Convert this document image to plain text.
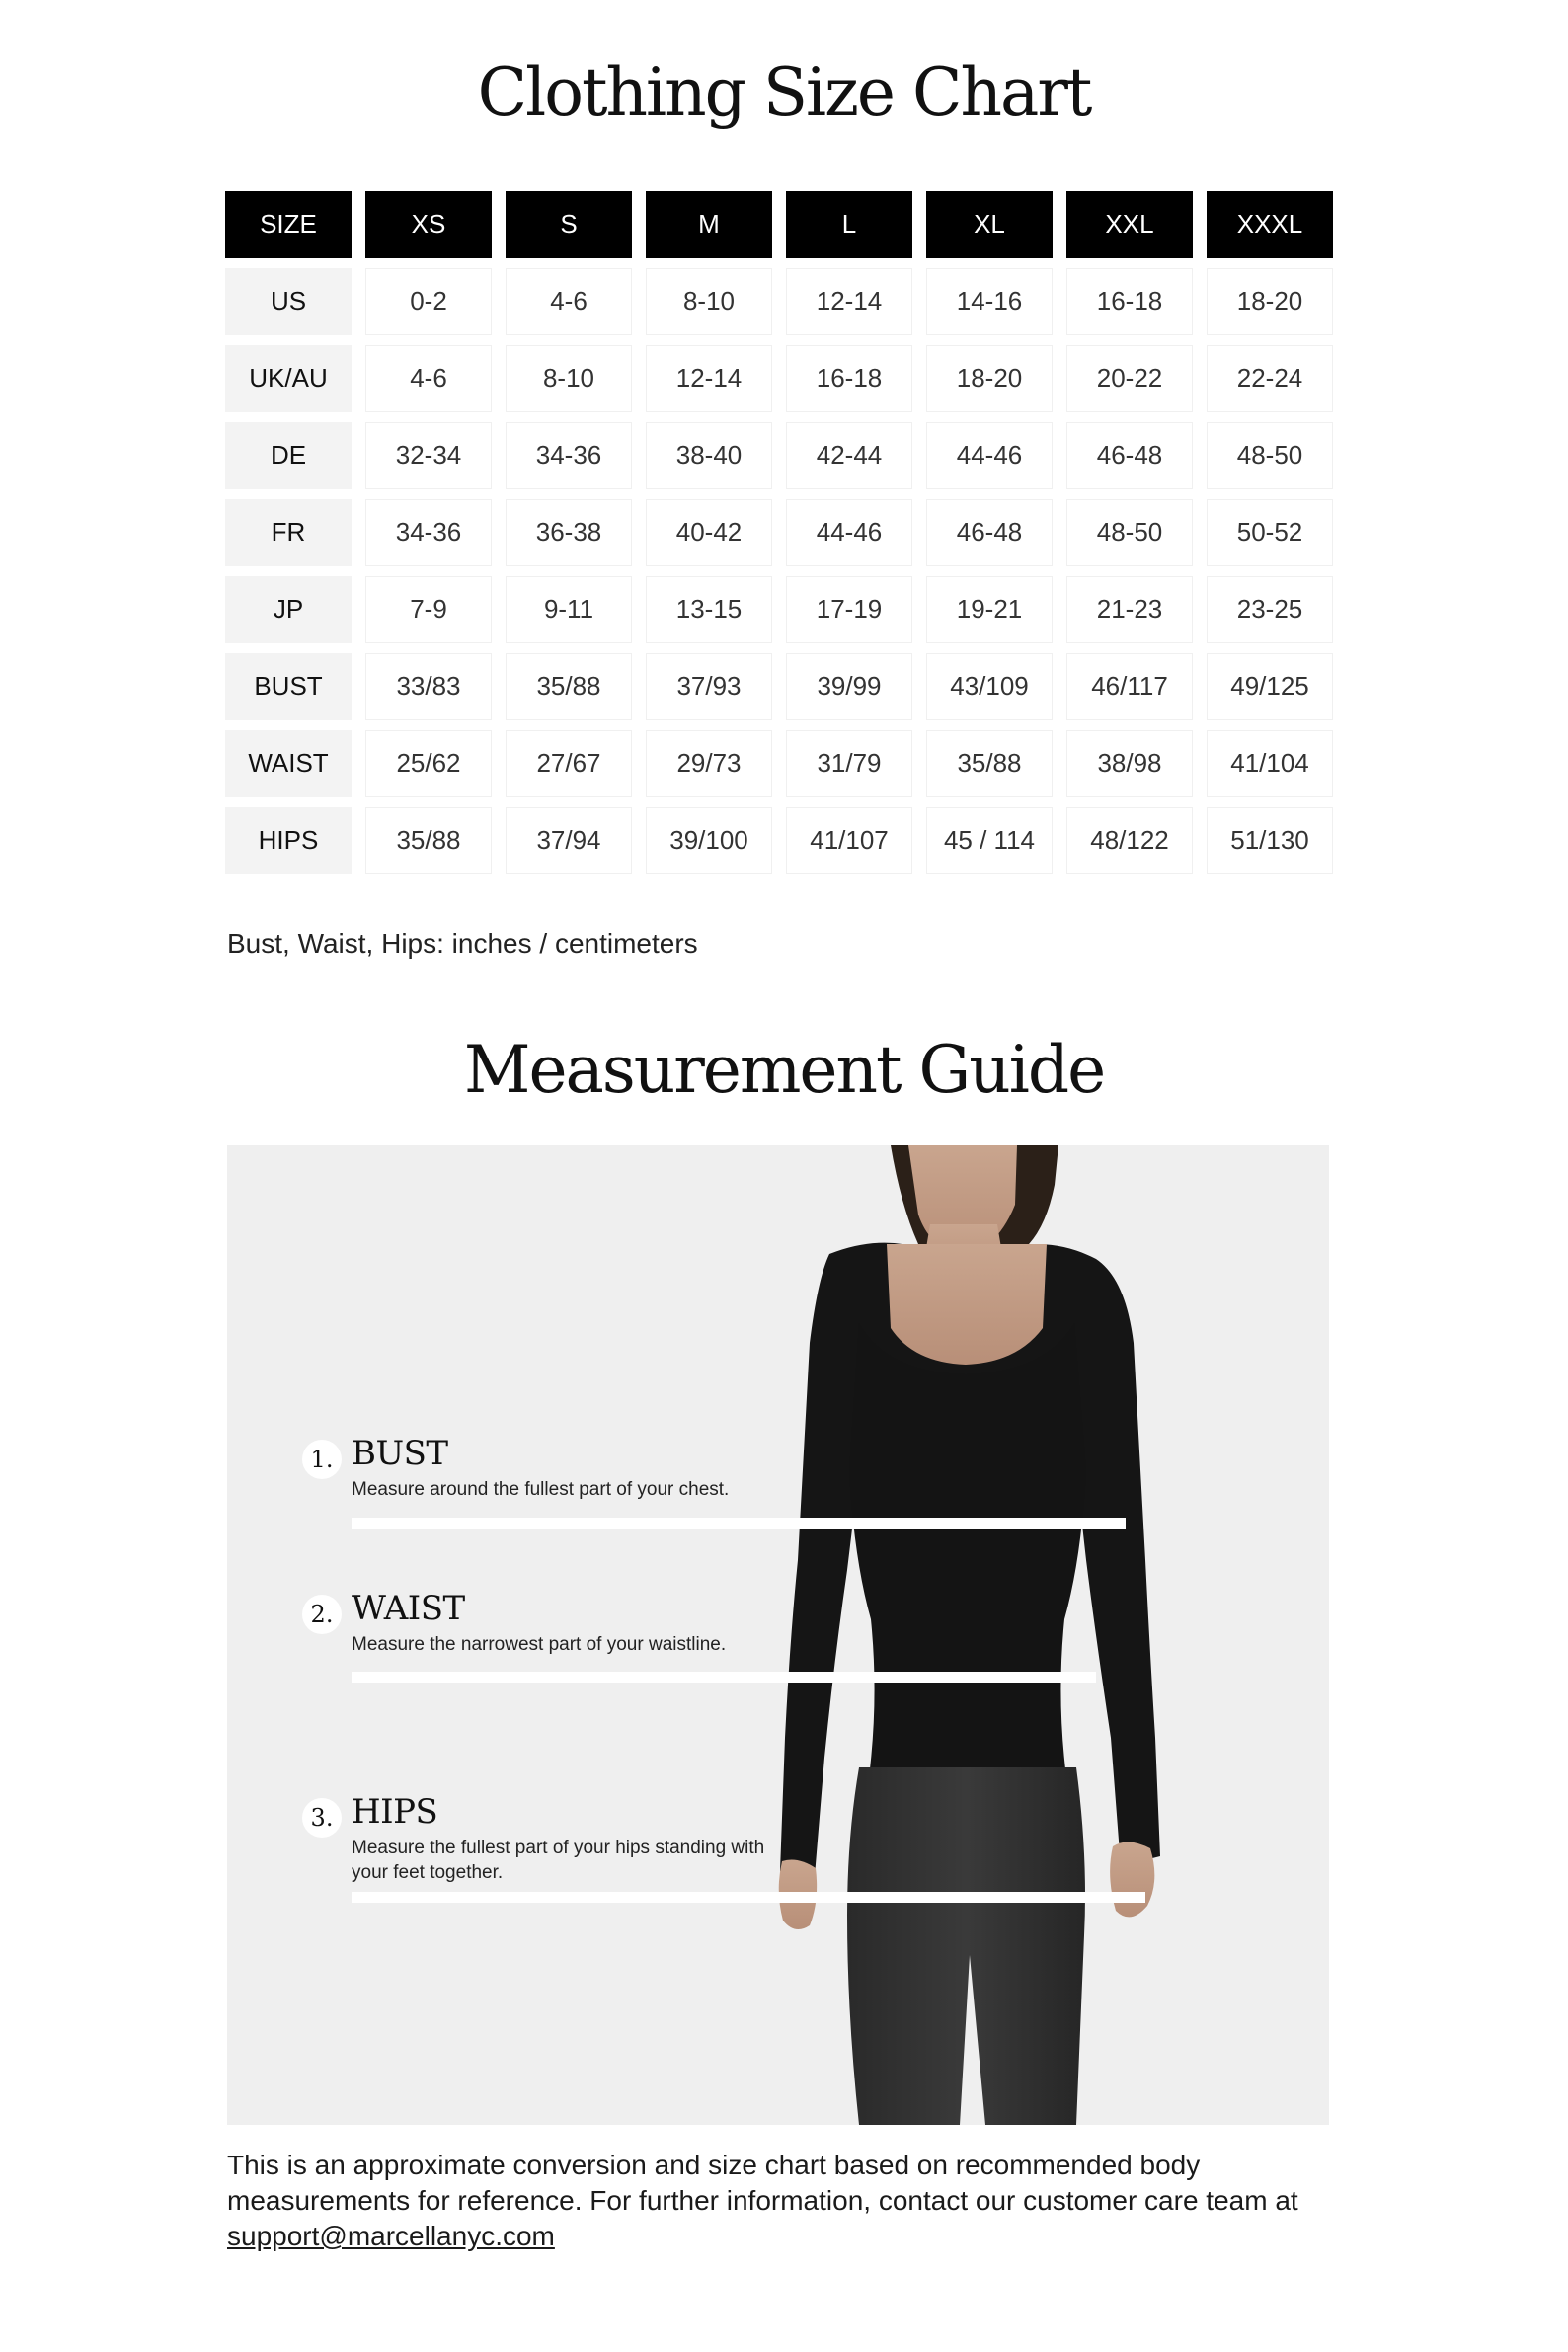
Clothing Size Chart
SIZE	XS	S	M	L	XL	XXL	XXXL
US	0-2	4-6	8-10	12-14	14-16	16-18	18-20
UK/AU	4-6	8-10	12-14	16-18	18-20	20-22	22-24
DE	32-34	34-36	38-40	42-44	44-46	46-48	48-50
FR	34-36	36-38	40-42	44-46	46-48	48-50	50-52
JP	7-9	9-11	13-15	17-19	19-21	21-23	23-25
BUST	33/83	35/88	37/93	39/99	43/109	46/117	49/125
WAIST	25/62	27/67	29/73	31/79	35/88	38/98	41/104
HIPS	35/88	37/94	39/100	41/107	45 / 114	48/122	51/130
Bust, Waist, Hips: inches / centimeters
Measurement Guide
1. BUST
Measure around the fullest part of your chest.
2. WAIST
Measure the narrowest part of your waistline.
3. HIPS
Measure the fullest part of your hips standing with your feet together.
This is an approximate conversion and size chart based on recommended body measurements for reference. For further information, contact our customer care team at support@marcellanyc.com
